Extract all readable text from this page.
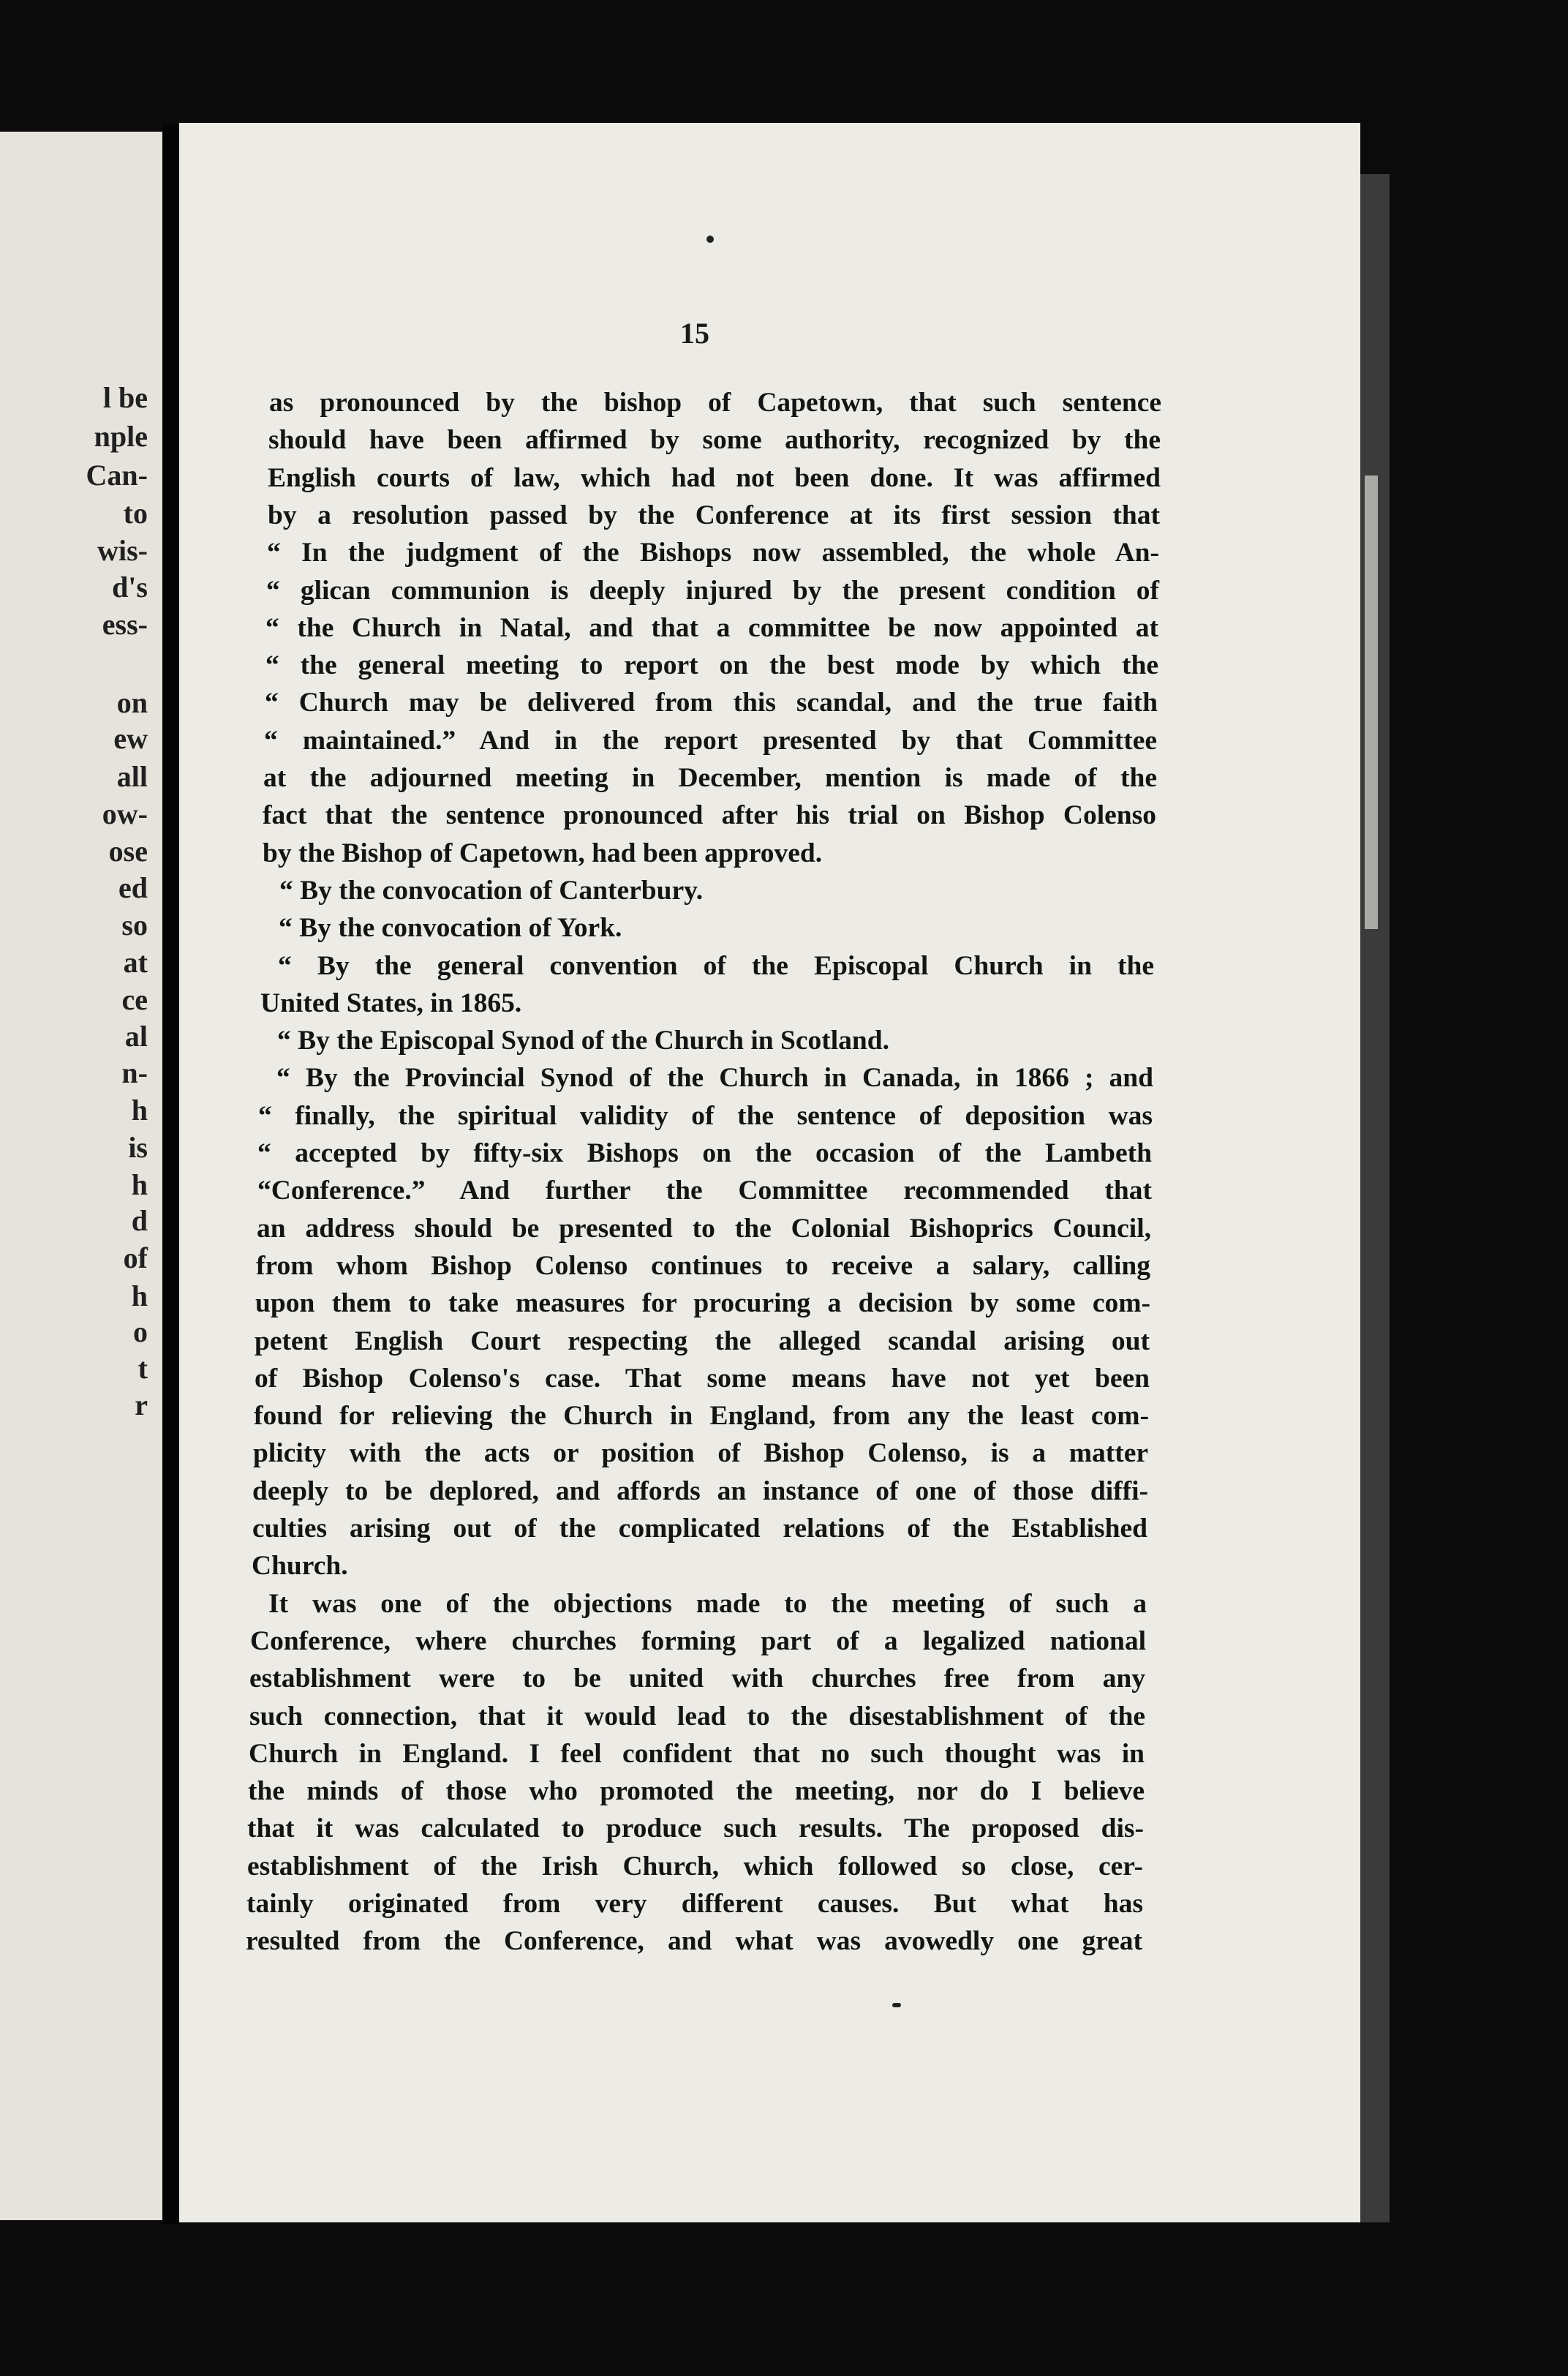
l be

nple

Can-

to

wis-

d's

ess-

on

ew

all

ow-

ose

ed

so

at

ce

al

n-

h

is

h

d

of

h

o

t

r

15

as pronounced by the bishop of Capetown, that such sentence

should have been affirmed by some authority, recognized by the

English courts of law, which had not been done. It was affirmed

by a resolution passed by the Conference at its first session that

“ In the judgment of the Bishops now assembled, the whole An-

“ glican communion is deeply injured by the present condition of

“ the Church in Natal, and that a committee be now appointed at

“ the general meeting to report on the best mode by which the

“ Church may be delivered from this scandal, and the true faith

“ maintained.” And in the report presented by that Committee

at the adjourned meeting in December, mention is made of the

fact that the sentence pronounced after his trial on Bishop Colenso

by the Bishop of Capetown, had been approved.

“ By the convocation of Canterbury.

“ By the convocation of York.

“ By the general convention of the Episcopal Church in the

United States, in 1865.

“ By the Episcopal Synod of the Church in Scotland.

“ By the Provincial Synod of the Church in Canada, in 1866 ; and

“ finally, the spiritual validity of the sentence of deposition was

“ accepted by fifty-six Bishops on the occasion of the Lambeth

“Conference.” And further the Committee recommended that

an address should be presented to the Colonial Bishoprics Council,

from whom Bishop Colenso continues to receive a salary, calling

upon them to take measures for procuring a decision by some com-

petent English Court respecting the alleged scandal arising out

of Bishop Colenso's case. That some means have not yet been

found for relieving the Church in England, from any the least com-

plicity with the acts or position of Bishop Colenso, is a matter

deeply to be deplored, and affords an instance of one of those diffi-

culties arising out of the complicated relations of the Established

Church.

It was one of the objections made to the meeting of such a

Conference, where churches forming part of a legalized national

establishment were to be united with churches free from any

such connection, that it would lead to the disestablishment of the

Church in England. I feel confident that no such thought was in

the minds of those who promoted the meeting, nor do I believe

that it was calculated to produce such results. The proposed dis-

establishment of the Irish Church, which followed so close, cer-

tainly originated from very different causes. But what has

resulted from the Conference, and what was avowedly one great
